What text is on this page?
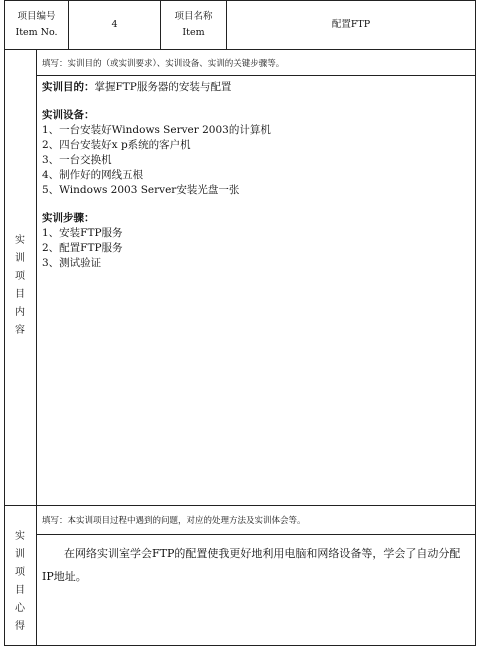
项目编号
Item No.
4
项目名称
Item
配置FTP
实
训
项
目
内
容
填写：实训目的（或实训要求）、实训设备、实训的关键步骤等。
实训目的：掌握FTP服务器的安装与配置
实训设备：
1、一台安装好Windows Server 2003的计算机
2、四台安装好x p系统的客户机
3、一台交换机
4、制作好的网线五根
5、Windows 2003 Server安装光盘一张
实训步骤：
1、安装FTP服务
2、配置FTP服务
3、测试验证
实
训
项
目
心
得
填写：本实训项目过程中遇到的问题，对应的处理方法及实训体会等。
在网络实训室学会FTP的配置使我更好地利用电脑和网络设备等，学会了自动分配IP地址。
